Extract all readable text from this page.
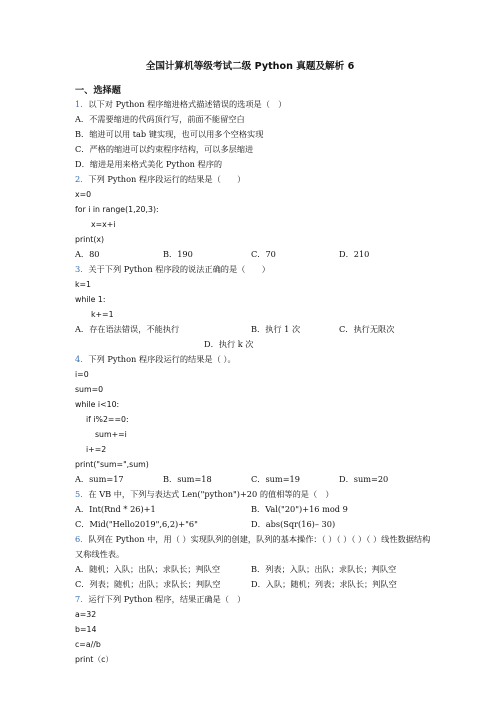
全国计算机等级考试二级 Python 真题及解析 6
一、选择题
1．以下对 Python 程序缩进格式描述错误的选项是（　）
A．不需要缩进的代码顶行写，前面不能留空白
B．缩进可以用 tab 键实现，也可以用多个空格实现
C．严格的缩进可以约束程序结构，可以多层缩进
D．缩进是用来格式美化 Python 程序的
2．下列 Python 程序段运行的结果是（　　）
x=0
for i in range(1,20,3):
x=x+i
print(x)
A．80	B．190	C．70	D．210
3．关于下列 Python 程序段的说法正确的是（　　）
k=1
while 1:
k+=1
A．存在语法错误，不能执行	B．执行 1 次	C．执行无限次
D．执行 k 次
4．下列 Python 程序段运行的结果是（ ）。
i=0
sum=0
while i<10:
if i%2==0:
sum+=i
i+=2
print("sum=",sum)
A．sum=17	B．sum=18	C．sum=19	D．sum=20
5．在 VB 中，下列与表达式 Len("python")+20 的值相等的是（　）
A．Int(Rnd * 26)+1	B．Val("20")+16 mod 9
C．Mid("Hello2019",6,2)+"6"	D．abs(Sqr(16)– 30)
6．队列在 Python 中，用（ ）实现队列的创建，队列的基本操作：（ ）（ ）（ ）（ ）线性数据结构又称线性表。
A．随机；入队；出队；求队长；判队空	B．列表；入队；出队；求队长；判队空
C．列表；随机；出队；求队长；判队空	D．入队；随机；列表；求队长；判队空
7．运行下列 Python 程序，结果正确是（　）
a=32
b=14
c=a//b
print（c）
